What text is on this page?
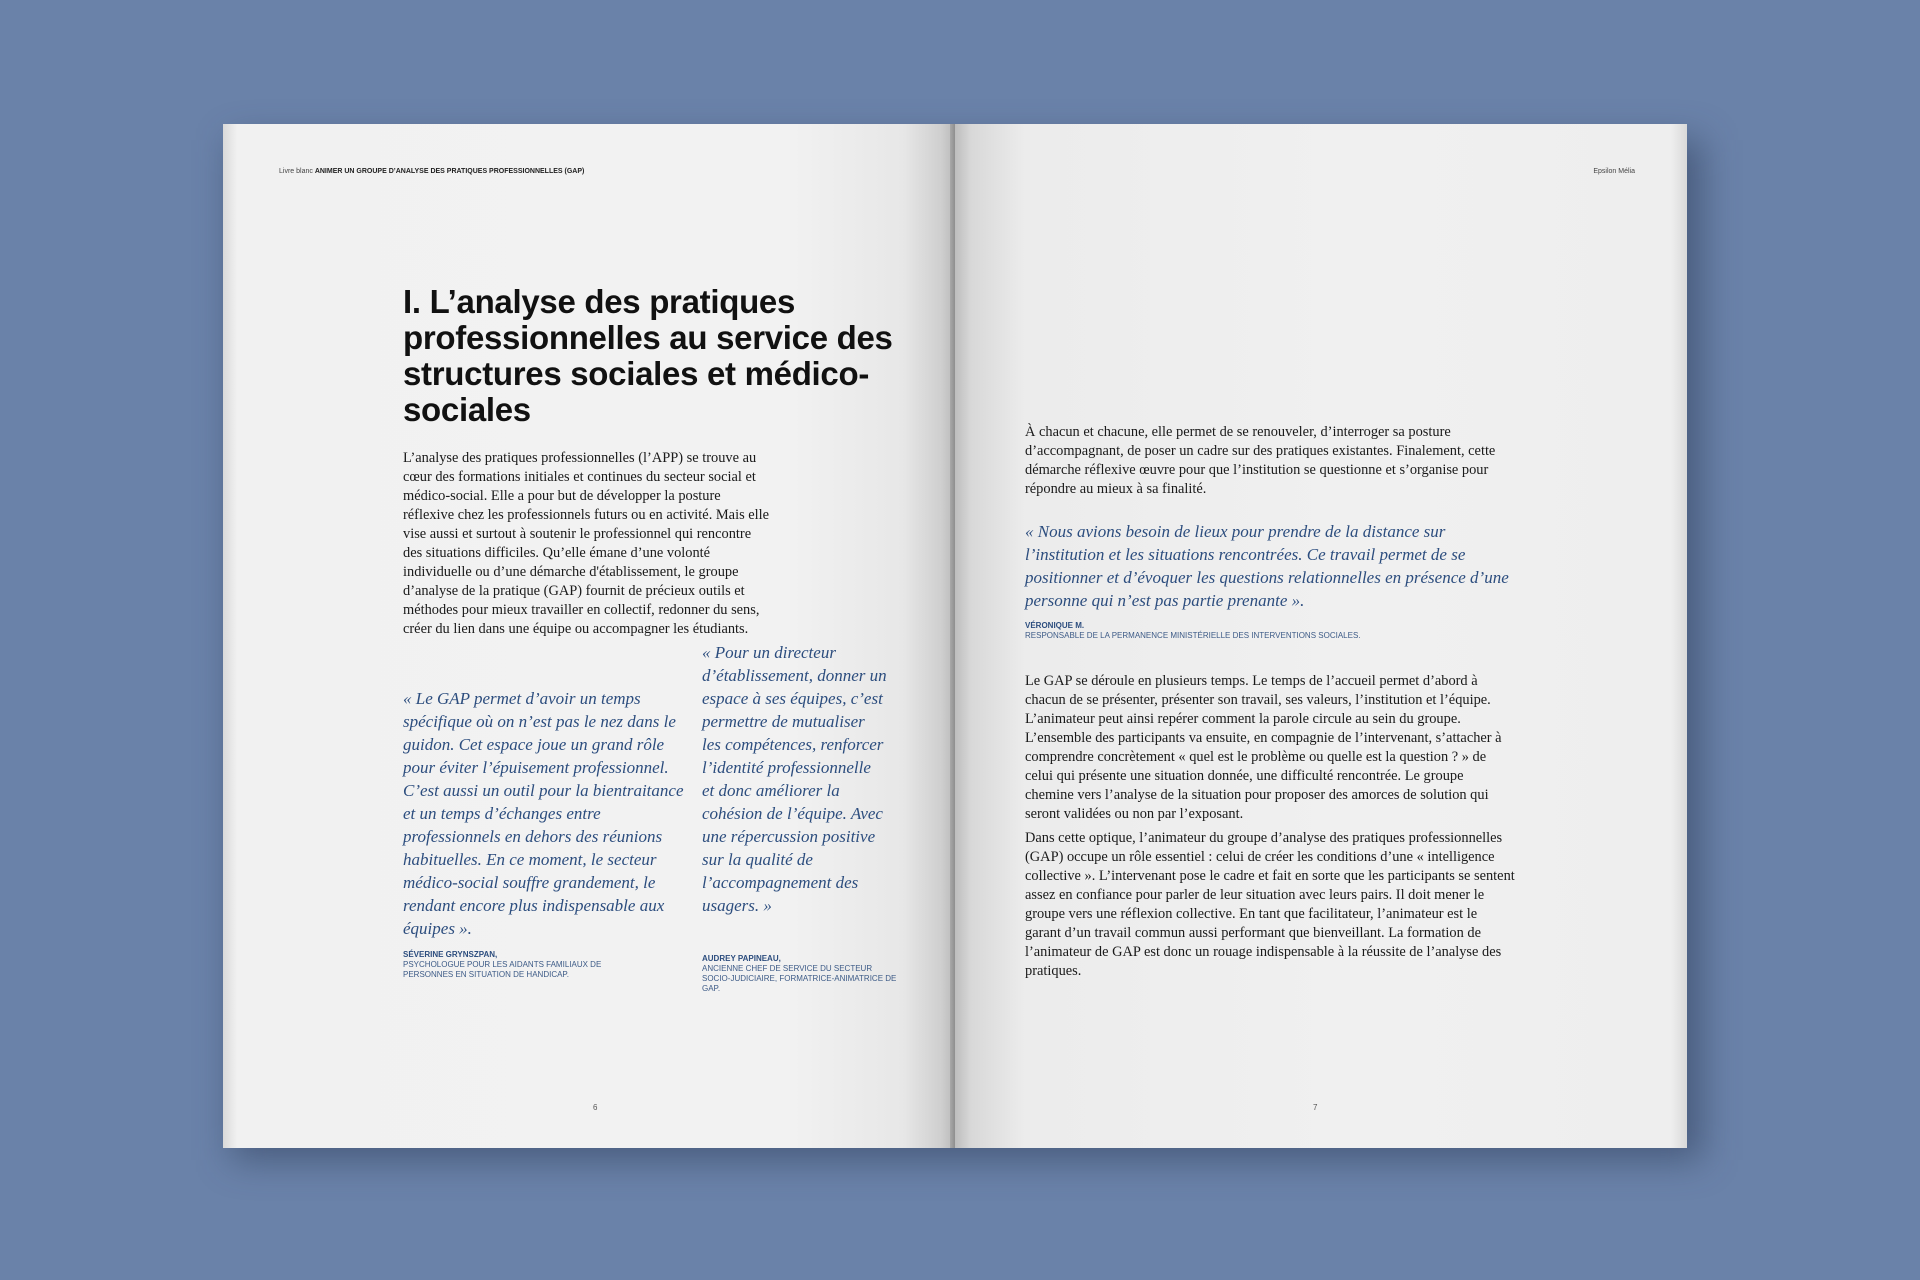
Livre blanc ANIMER UN GROUPE D’ANALYSE DES PRATIQUES PROFESSIONNELLES (GAP)
I. L’analyse des pratiques professionnelles au service des structures sociales et médico-sociales

L’analyse des pratiques professionnelles (l’APP) se trouve au cœur des formations initiales et continues du secteur social et médico-social. Elle a pour but de développer la posture réflexive chez les professionnels futurs ou en activité. Mais elle vise aussi et surtout à soutenir le professionnel qui rencontre des situations difficiles. Qu’elle émane d’une volonté individuelle ou d’une démarche d'établissement, le groupe d’analyse de la pratique (GAP) fournit de précieux outils et méthodes pour mieux travailler en collectif, redonner du sens, créer du lien dans une équipe ou accompagner les étudiants.

« Le GAP permet d’avoir un temps spécifique où on n’est pas le nez dans le guidon. Cet espace joue un grand rôle pour éviter l’épuisement professionnel. C’est aussi un outil pour la bientraitance et un temps d’échanges entre professionnels en dehors des réunions habituelles. En ce moment, le secteur médico-social souffre grandement, le rendant encore plus indispensable aux équipes ».

SÉVERINE GRYNSZPAN,
PSYCHOLOGUE POUR LES AIDANTS FAMILIAUX DE PERSONNES EN SITUATION DE HANDICAP.

« Pour un directeur d’établissement, donner un espace à ses équipes, c’est permettre de mutualiser les compétences, renforcer l’identité professionnelle et donc améliorer la cohésion de l’équipe. Avec une répercussion positive sur la qualité de l’accompagnement des usagers. »

AUDREY PAPINEAU,
ANCIENNE CHEF DE SERVICE DU SECTEUR SOCIO-JUDICIAIRE, FORMATRICE-ANIMATRICE DE GAP.
6
Epsilon Mélia

À chacun et chacune, elle permet de se renouveler, d’interroger sa posture d’accompagnant, de poser un cadre sur des pratiques existantes. Finalement, cette démarche réflexive œuvre pour que l’institution se questionne et s’organise pour répondre au mieux à sa finalité.

« Nous avions besoin de lieux pour prendre de la distance sur l’institution et les situations rencontrées. Ce travail permet de se positionner et d’évoquer les questions relationnelles en présence d’une personne qui n’est pas partie prenante ».

VÉRONIQUE M.
RESPONSABLE DE LA PERMANENCE MINISTÉRIELLE DES INTERVENTIONS SOCIALES.

Le GAP se déroule en plusieurs temps. Le temps de l’accueil permet d’abord à chacun de se présenter, présenter son travail, ses valeurs, l’institution et l’équipe. L’animateur peut ainsi repérer comment la parole circule au sein du groupe. L’ensemble des participants va ensuite, en compagnie de l’intervenant, s’attacher à comprendre concrètement « quel est le problème ou quelle est la question ? » de celui qui présente une situation donnée, une difficulté rencontrée. Le groupe chemine vers l’analyse de la situation pour proposer des amorces de solution qui seront validées ou non par l’exposant.

Dans cette optique, l’animateur du groupe d’analyse des pratiques professionnelles (GAP) occupe un rôle essentiel : celui de créer les conditions d’une « intelligence collective ». L’intervenant pose le cadre et fait en sorte que les participants se sentent assez en confiance pour parler de leur situation avec leurs pairs. Il doit mener le groupe vers une réflexion collective. En tant que facilitateur, l’animateur est le garant d’un travail commun aussi performant que bienveillant. La formation de l’animateur de GAP est donc un rouage indispensable à la réussite de l’analyse des pratiques.

7
